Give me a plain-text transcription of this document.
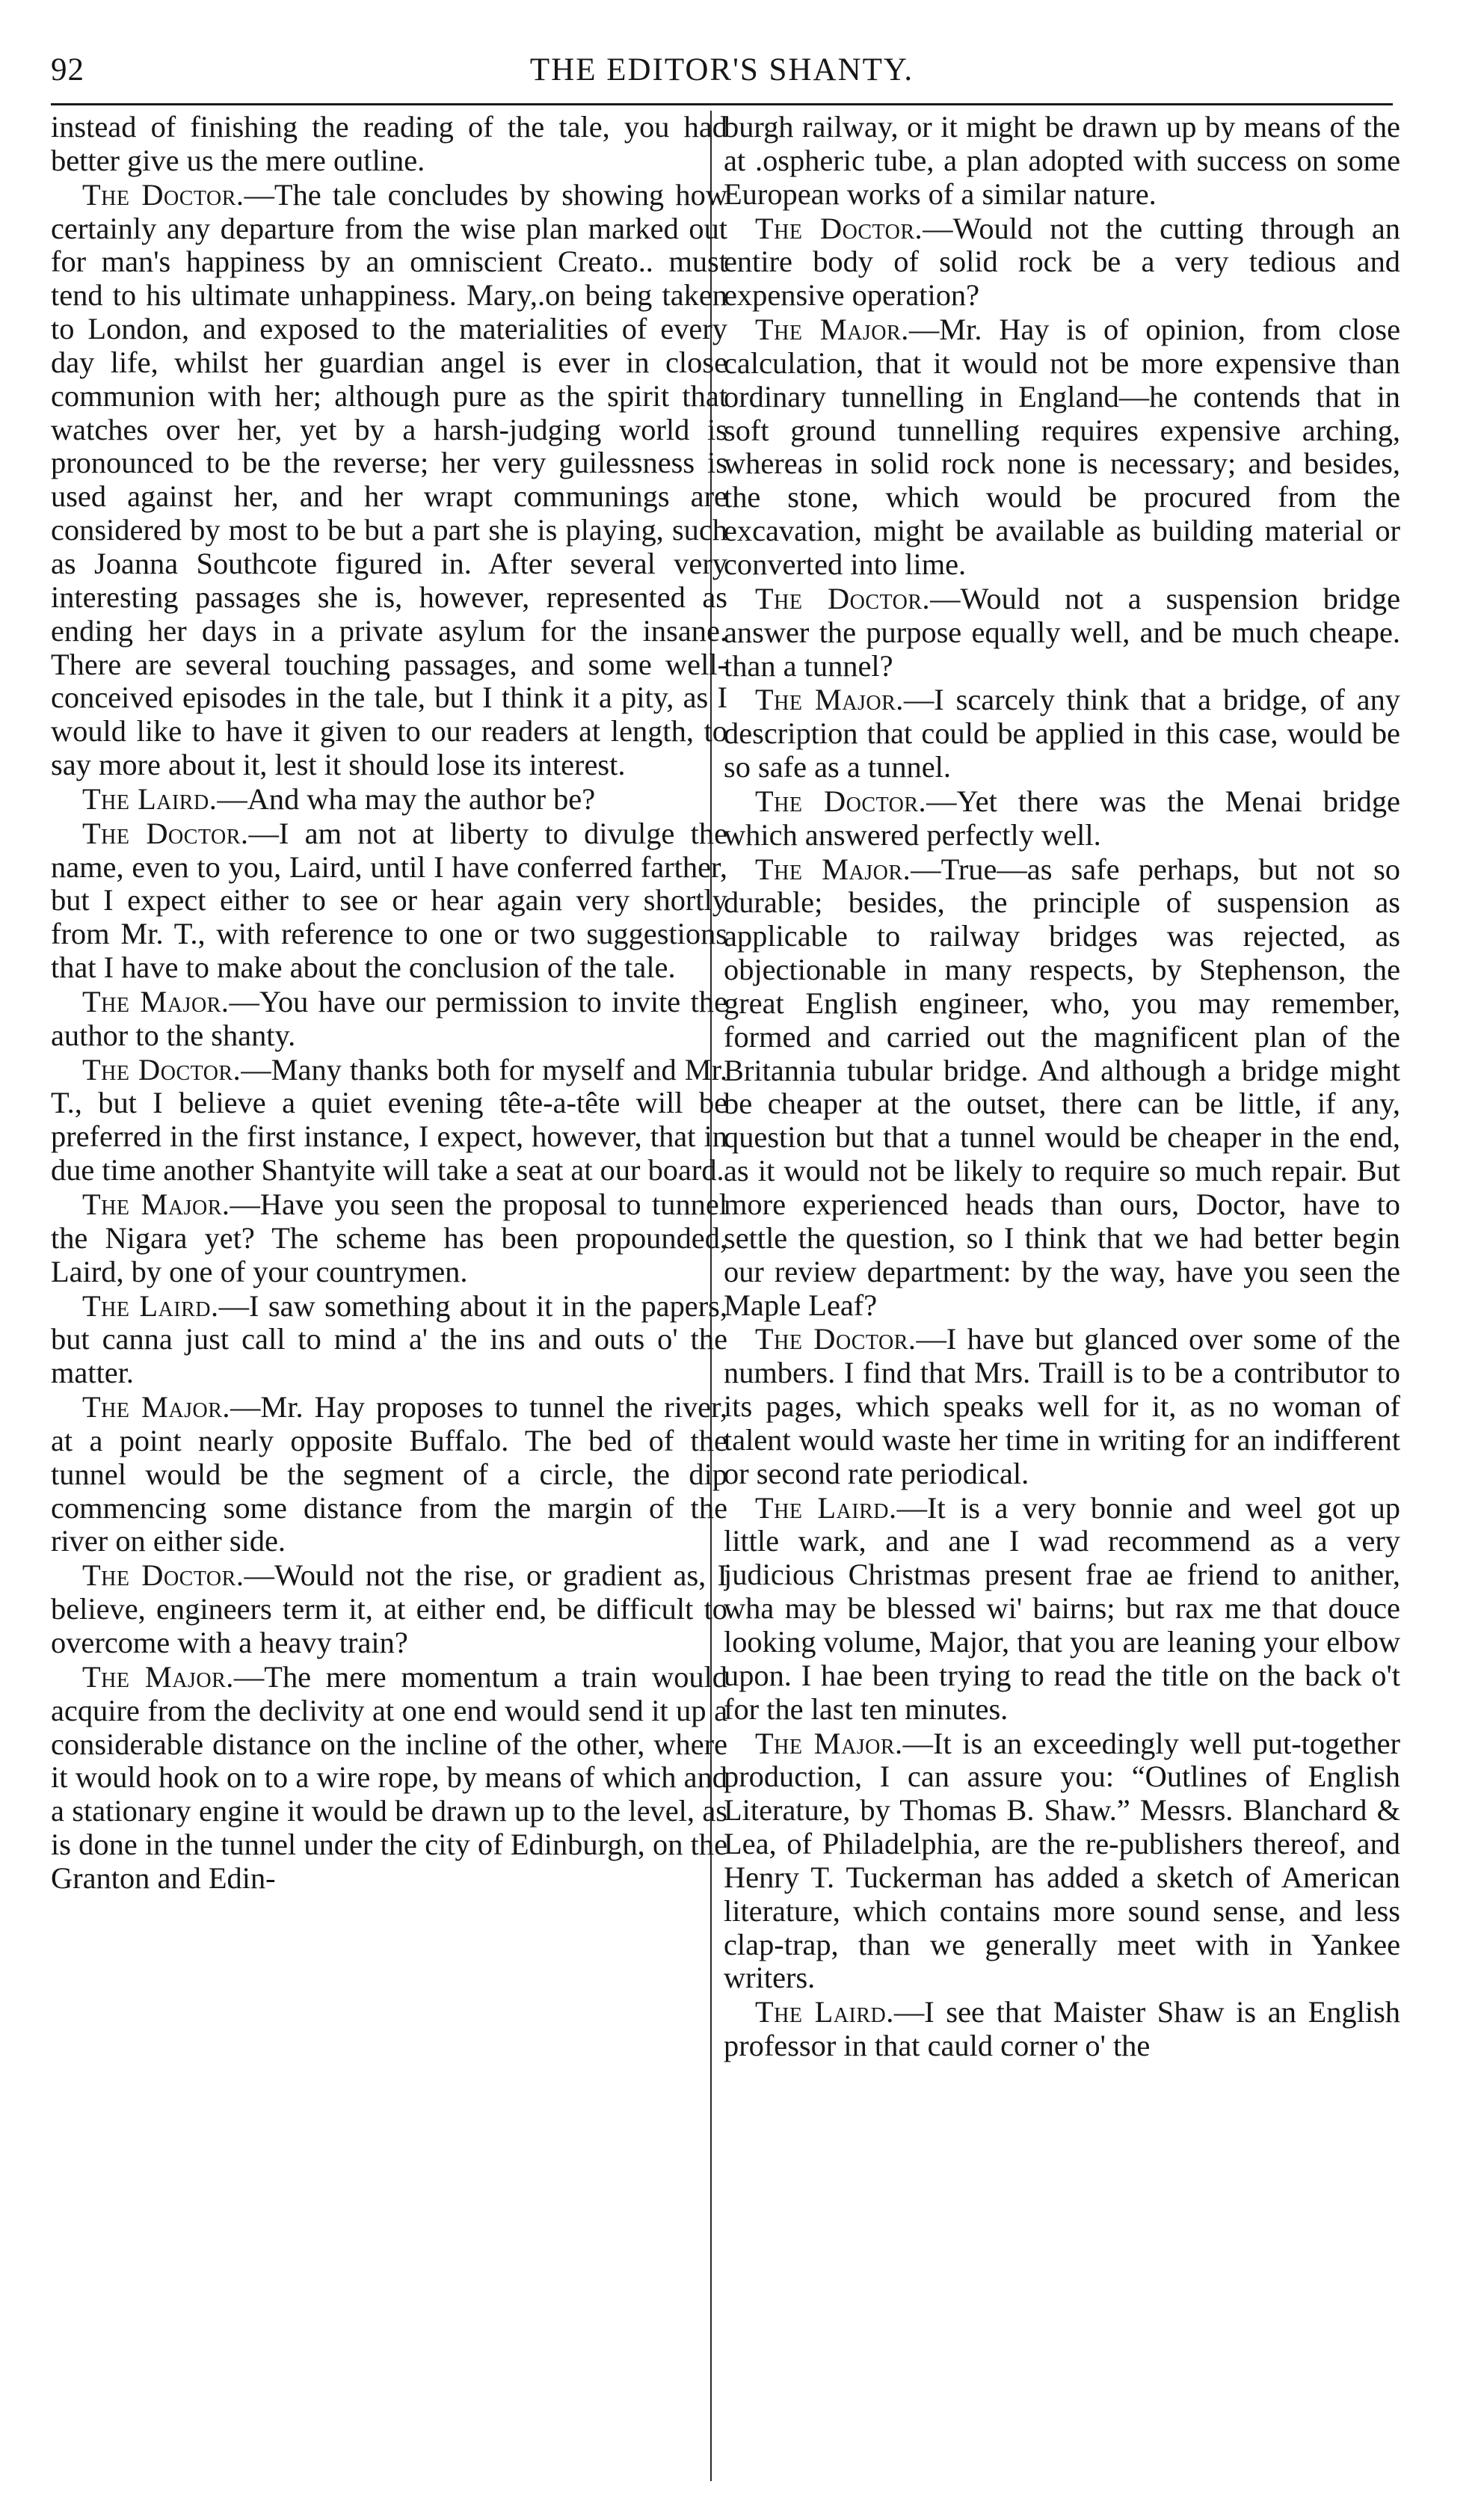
92	THE EDITOR'S SHANTY.

instead of finishing the reading of the tale, you had better give us the mere outline.

The Doctor.—The tale concludes by showing how certainly any departure from the wise plan marked out for man's happiness by an omniscient Creato.. must tend to his ultimate unhappiness. Mary,.on being taken to London, and exposed to the materialities of every day life, whilst her guardian angel is ever in close communion with her; although pure as the spirit that watches over her, yet by a harsh-judging world is pronounced to be the reverse; her very guilessness is used against her, and her wrapt communings are considered by most to be but a part she is playing, such as Joanna Southcote figured in. After several very interesting passages she is, however, represented as ending her days in a private asylum for the insane. There are several touching passages, and some well-conceived episodes in the tale, but I think it a pity, as I would like to have it given to our readers at length, to say more about it, lest it should lose its interest.

The Laird.—And wha may the author be?

The Doctor.—I am not at liberty to divulge the name, even to you, Laird, until I have conferred farther, but I expect either to see or hear again very shortly from Mr. T., with reference to one or two suggestions that I have to make about the conclusion of the tale.

The Major.—You have our permission to invite the author to the shanty.

The Doctor.—Many thanks both for myself and Mr. T., but I believe a quiet evening tête-a-tête will be preferred in the first instance, I expect, however, that in due time another Shantyite will take a seat at our board.

The Major.—Have you seen the proposal to tunnel the Nigara yet? The scheme has been propounded, Laird, by one of your countrymen.

The Laird.—I saw something about it in the papers, but canna just call to mind a' the ins and outs o' the matter.

The Major.—Mr. Hay proposes to tunnel the river, at a point nearly opposite Buffalo. The bed of the tunnel would be the segment of a circle, the dip commencing some distance from the margin of the river on either side.

The Doctor.—Would not the rise, or gradient as, I believe, engineers term it, at either end, be difficult to overcome with a heavy train?

The Major.—The mere momentum a train would acquire from the declivity at one end would send it up a considerable distance on the incline of the other, where it would hook on to a wire rope, by means of which and a stationary engine it would be drawn up to the level, as is done in the tunnel under the city of Edinburgh, on the Granton and Edin-

burgh railway, or it might be drawn up by means of the at .ospheric tube, a plan adopted with success on some European works of a similar nature.

The Doctor.—Would not the cutting through an entire body of solid rock be a very tedious and expensive operation?

The Major.—Mr. Hay is of opinion, from close calculation, that it would not be more expensive than ordinary tunnelling in England—he contends that in soft ground tunnelling requires expensive arching, whereas in solid rock none is necessary; and besides, the stone, which would be procured from the excavation, might be available as building material or converted into lime.

The Doctor.—Would not a suspension bridge answer the purpose equally well, and be much cheape. than a tunnel?

The Major.—I scarcely think that a bridge, of any description that could be applied in this case, would be so safe as a tunnel.

The Doctor.—Yet there was the Menai bridge which answered perfectly well.

The Major.—True—as safe perhaps, but not so durable; besides, the principle of suspension as applicable to railway bridges was rejected, as objectionable in many respects, by Stephenson, the great English engineer, who, you may remember, formed and carried out the magnificent plan of the Britannia tubular bridge. And although a bridge might be cheaper at the outset, there can be little, if any, question but that a tunnel would be cheaper in the end, as it would not be likely to require so much repair. But more experienced heads than ours, Doctor, have to settle the question, so I think that we had better begin our review department: by the way, have you seen the Maple Leaf?

The Doctor.—I have but glanced over some of the numbers. I find that Mrs. Traill is to be a contributor to its pages, which speaks well for it, as no woman of talent would waste her time in writing for an indifferent or second rate periodical.

The Laird.—It is a very bonnie and weel got up little wark, and ane I wad recommend as a very judicious Christmas present frae ae friend to anither, wha may be blessed wi' bairns; but rax me that douce looking volume, Major, that you are leaning your elbow upon. I hae been trying to read the title on the back o't for the last ten minutes.

The Major.—It is an exceedingly well put-together production, I can assure you: “Outlines of English Literature, by Thomas B. Shaw.” Messrs. Blanchard & Lea, of Philadelphia, are the re-publishers thereof, and Henry T. Tuckerman has added a sketch of American literature, which contains more sound sense, and less clap-trap, than we generally meet with in Yankee writers.

The Laird.—I see that Maister Shaw is an English professor in that cauld corner o' the
